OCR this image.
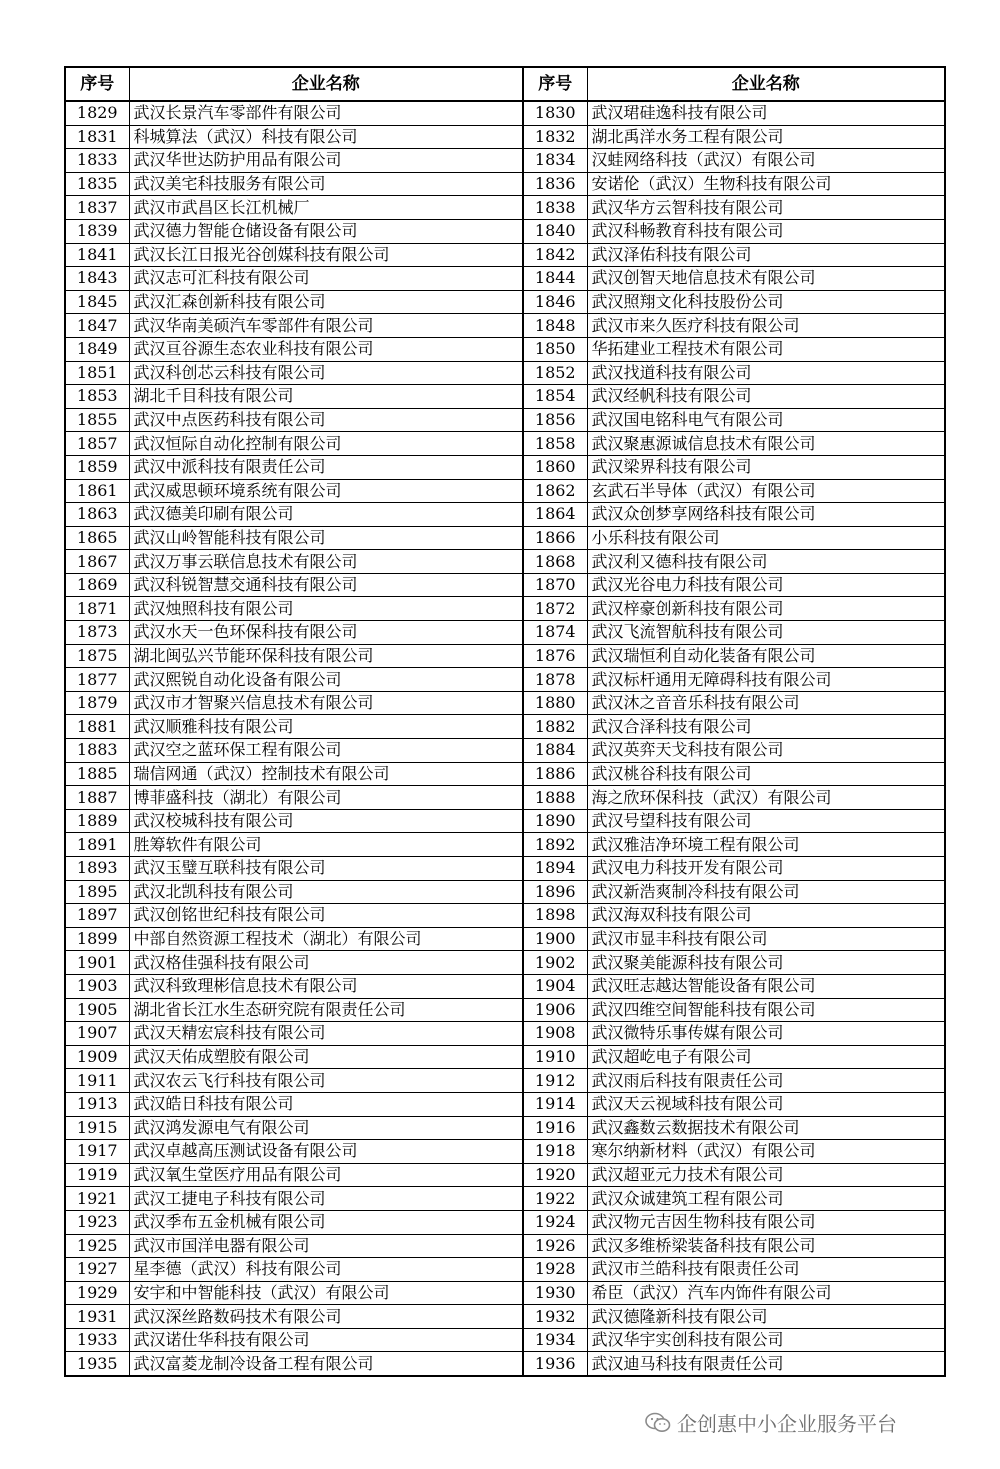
序号	企业名称	序号	企业名称
1829	武汉长景汽车零部件有限公司	1830	武汉珺硅逸科技有限公司
1831	科城算法（武汉）科技有限公司	1832	湖北禹洋水务工程有限公司
1833	武汉华世达防护用品有限公司	1834	汉蛙网络科技（武汉）有限公司
1835	武汉美宅科技服务有限公司	1836	安诺伦（武汉）生物科技有限公司
1837	武汉市武昌区长江机械厂	1838	武汉华方云智科技有限公司
1839	武汉德力智能仓储设备有限公司	1840	武汉科畅教育科技有限公司
1841	武汉长江日报光谷创媒科技有限公司	1842	武汉泽佑科技有限公司
1843	武汉志可汇科技有限公司	1844	武汉创智天地信息技术有限公司
1845	武汉汇森创新科技有限公司	1846	武汉照翔文化科技股份公司
1847	武汉华南美硕汽车零部件有限公司	1848	武汉市来久医疗科技有限公司
1849	武汉亘谷源生态农业科技有限公司	1850	华拓建业工程技术有限公司
1851	武汉科创芯云科技有限公司	1852	武汉找道科技有限公司
1853	湖北千目科技有限公司	1854	武汉经帆科技有限公司
1855	武汉中点医药科技有限公司	1856	武汉国电铭科电气有限公司
1857	武汉恒际自动化控制有限公司	1858	武汉聚惠源诚信息技术有限公司
1859	武汉中派科技有限责任公司	1860	武汉梁界科技有限公司
1861	武汉威思顿环境系统有限公司	1862	玄武石半导体（武汉）有限公司
1863	武汉德美印刷有限公司	1864	武汉众创梦享网络科技有限公司
1865	武汉山岭智能科技有限公司	1866	小乐科技有限公司
1867	武汉万事云联信息技术有限公司	1868	武汉利又德科技有限公司
1869	武汉科锐智慧交通科技有限公司	1870	武汉光谷电力科技有限公司
1871	武汉烛照科技有限公司	1872	武汉梓豪创新科技有限公司
1873	武汉水天一色环保科技有限公司	1874	武汉飞流智航科技有限公司
1875	湖北闽弘兴节能环保科技有限公司	1876	武汉瑞恒利自动化装备有限公司
1877	武汉熙锐自动化设备有限公司	1878	武汉标杆通用无障碍科技有限公司
1879	武汉市才智聚兴信息技术有限公司	1880	武汉沐之音音乐科技有限公司
1881	武汉顺雅科技有限公司	1882	武汉合泽科技有限公司
1883	武汉空之蓝环保工程有限公司	1884	武汉英弈天戈科技有限公司
1885	瑞信网通（武汉）控制技术有限公司	1886	武汉桃谷科技有限公司
1887	博菲盛科技（湖北）有限公司	1888	海之欣环保科技（武汉）有限公司
1889	武汉校城科技有限公司	1890	武汉号望科技有限公司
1891	胜筹软件有限公司	1892	武汉雅洁净环境工程有限公司
1893	武汉玉璧互联科技有限公司	1894	武汉电力科技开发有限公司
1895	武汉北凯科技有限公司	1896	武汉新浩爽制冷科技有限公司
1897	武汉创铭世纪科技有限公司	1898	武汉海双科技有限公司
1899	中部自然资源工程技术（湖北）有限公司	1900	武汉市显丰科技有限公司
1901	武汉格佳强科技有限公司	1902	武汉聚美能源科技有限公司
1903	武汉科致理彬信息技术有限公司	1904	武汉旺志越达智能设备有限公司
1905	湖北省长江水生态研究院有限责任公司	1906	武汉四维空间智能科技有限公司
1907	武汉天精宏宸科技有限公司	1908	武汉微特乐事传媒有限公司
1909	武汉天佑成塑胶有限公司	1910	武汉超屹电子有限公司
1911	武汉农云飞行科技有限公司	1912	武汉雨后科技有限责任公司
1913	武汉皓日科技有限公司	1914	武汉天云视域科技有限公司
1915	武汉鸿发源电气有限公司	1916	武汉鑫数云数据技术有限公司
1917	武汉卓越高压测试设备有限公司	1918	寒尔纳新材料（武汉）有限公司
1919	武汉氧生堂医疗用品有限公司	1920	武汉超亚元力技术有限公司
1921	武汉工捷电子科技有限公司	1922	武汉众诚建筑工程有限公司
1923	武汉季布五金机械有限公司	1924	武汉物元吉因生物科技有限公司
1925	武汉市国洋电器有限公司	1926	武汉多维桥梁装备科技有限公司
1927	星李德（武汉）科技有限公司	1928	武汉市兰皓科技有限责任公司
1929	安宇和中智能科技（武汉）有限公司	1930	希臣（武汉）汽车内饰件有限公司
1931	武汉深丝路数码技术有限公司	1932	武汉德隆新科技有限公司
1933	武汉诺仕华科技有限公司	1934	武汉华宇实创科技有限公司
1935	武汉富菱龙制冷设备工程有限公司	1936	武汉迪马科技有限责任公司
企创惠中小企业服务平台
